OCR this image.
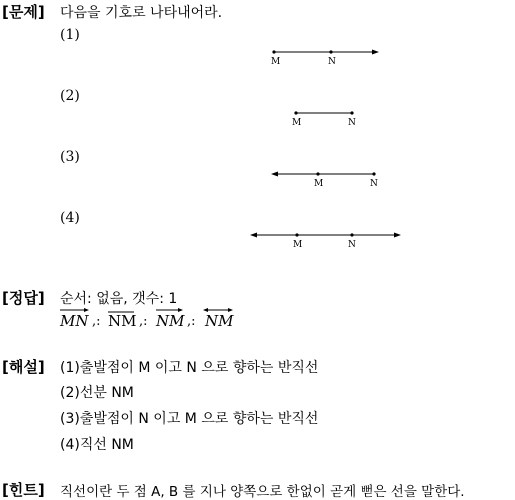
[문제] 다음을 기호로 나타내어라.
(1)
(2)
(3)
(4)
M	N
M	N
M	N
M	N
[정답] 순서: 없음, 갯수: 1
MN ,: NM ,: NM ,: NM
[해설] (1)출발점이 M 이고 N 으로 향하는 반직선
(2)선분 NM
(3)출발점이 N 이고 M 으로 향하는 반직선
(4)직선 NM
[힌트] 직선이란 두 점 A, B 를 지나 양쪽으로 한없이 곧게 뻗은 선을 말한다.
